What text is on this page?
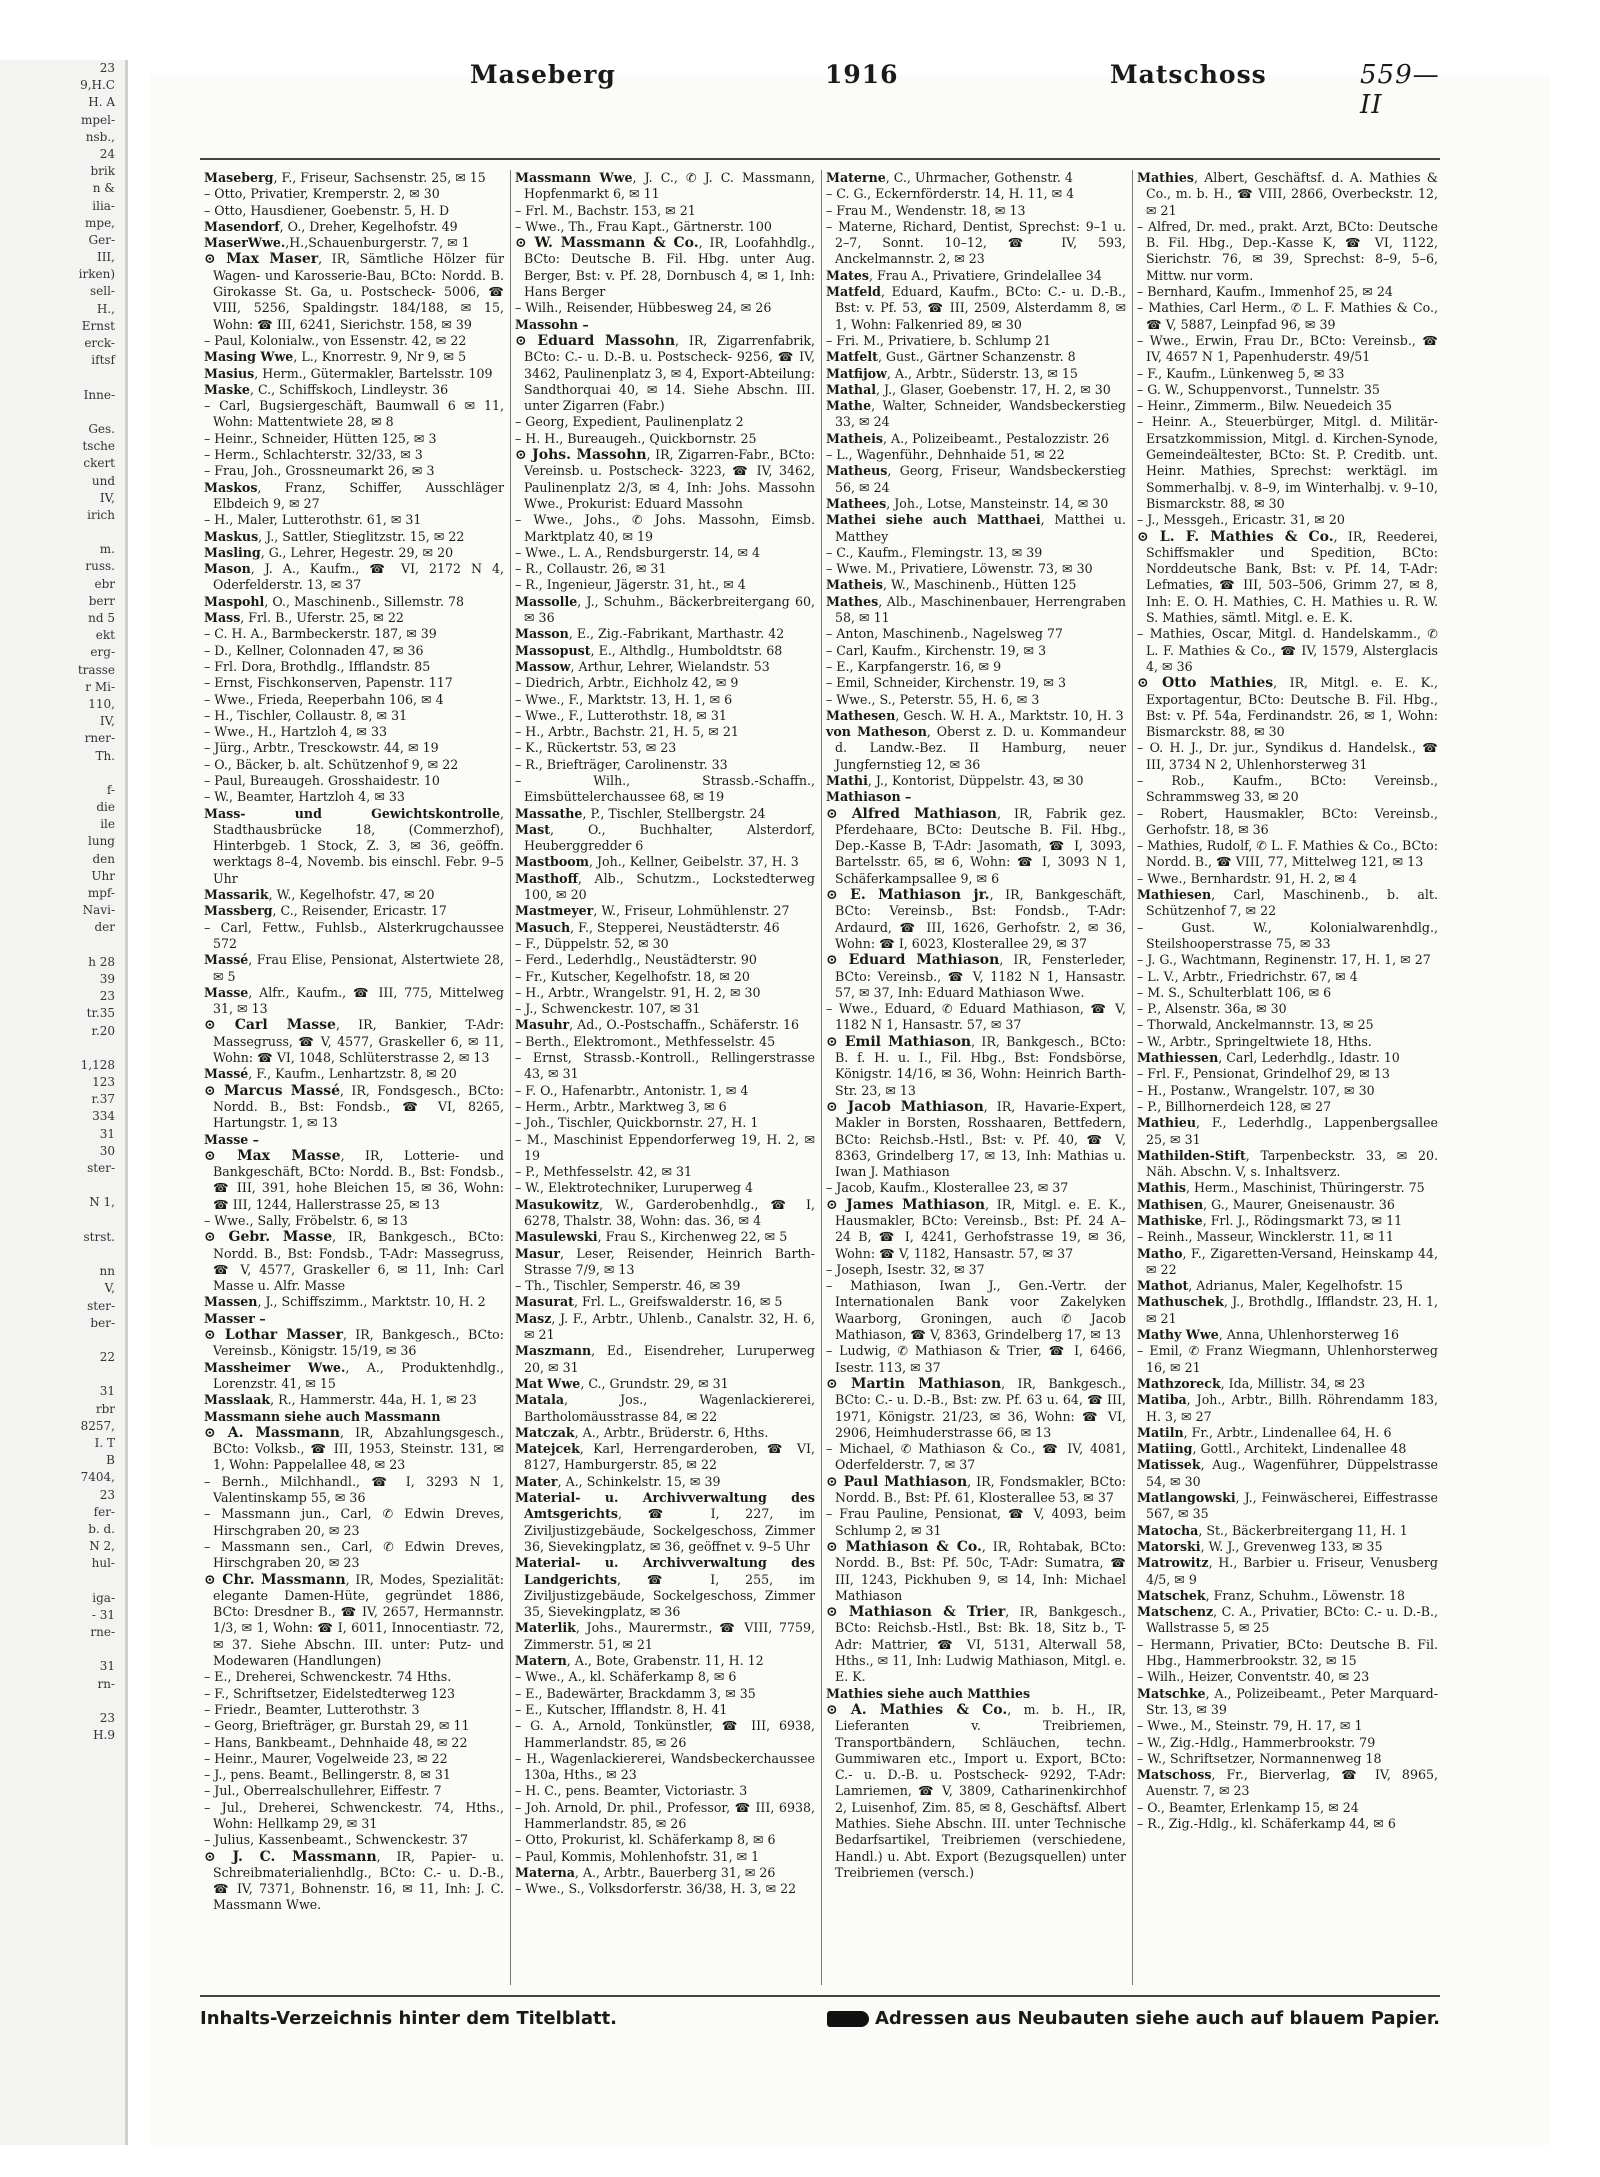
23
9,H.C
H. A
mpel-
nsb.,
24
brik
n &
ilia-
mpe,
Ger-
III,
irken)
sell-
H.,
Ernst
erck-
iftsf
Inne-
Ges.
tsche
ckert
und
IV,
irich
m.
russ.
ebr
berr
nd 5
ekt
erg-
trasse
r Mi-
110,
IV,
rner-
Th.
f-
die
ile
lung
den
Uhr
mpf-
Navi-
der
h 28
39
23
tr.35
r.20
1,128
123
r.37
334
31
30
ster-
N 1,
strst.
nn
V,
ster-
ber-
22
31
rbr
8257,
I. T
B
7404,
23
fer-
b. d.
N 2,
hul-
iga-
- 31
rne-
31
rn-
23
H.9
Maseberg	1916	Matschoss	559—II

Maseberg, F., Friseur, Sachsenstr. 25, ✉ 15

– Otto, Privatier, Kremperstr. 2, ✉ 30

– Otto, Hausdiener, Goebenstr. 5, H. D

Masendorf, O., Dreher, Kegelhofstr. 49

MaserWwe.,H.,Schauenburgerstr. 7, ✉ 1

⊙ Max Maser, IR, Sämtliche Hölzer für Wagen- und Karosserie-Bau, BCto: Nordd. B. Girokasse St. Ga, u. Postscheck- 5006, ☎ VIII, 5256, Spaldingstr. 184/188, ✉ 15, Wohn: ☎ III, 6241, Sierichstr. 158, ✉ 39

– Paul, Kolonialw., von Essenstr. 42, ✉ 22

Masing Wwe, L., Knorrestr. 9, Nr 9, ✉ 5

Masius, Herm., Gütermakler, Bartelsstr. 109

Maske, C., Schiffskoch, Lindleystr. 36

– Carl, Bugsiergeschäft, Baumwall 6 ✉ 11, Wohn: Mattentwiete 28, ✉ 8

– Heinr., Schneider, Hütten 125, ✉ 3

– Herm., Schlachterstr. 32/33, ✉ 3

– Frau, Joh., Grossneumarkt 26, ✉ 3

Maskos, Franz, Schiffer, Ausschläger Elbdeich 9, ✉ 27

– H., Maler, Lutterothstr. 61, ✉ 31

Maskus, J., Sattler, Stieglitzstr. 15, ✉ 22

Masling, G., Lehrer, Hegestr. 29, ✉ 20

Mason, J. A., Kaufm., ☎ VI, 2172 N 4, Oderfelderstr. 13, ✉ 37

Maspohl, O., Maschinenb., Sillemstr. 78

Mass, Frl. B., Uferstr. 25, ✉ 22

– C. H. A., Barmbeckerstr. 187, ✉ 39

– D., Kellner, Colonnaden 47, ✉ 36

– Frl. Dora, Brothdlg., Ifflandstr. 85

– Ernst, Fischkonserven, Papenstr. 117

– Wwe., Frieda, Reeperbahn 106, ✉ 4

– H., Tischler, Collaustr. 8, ✉ 31

– Wwe., H., Hartzloh 4, ✉ 33

– Jürg., Arbtr., Tresckowstr. 44, ✉ 19

– O., Bäcker, b. alt. Schützenhof 9, ✉ 22

– Paul, Bureaugeh. Grosshaidestr. 10

– W., Beamter, Hartzloh 4, ✉ 33

Mass- und Gewichtskontrolle, Stadthausbrücke 18, (Commerzhof), Hinterbgeb. 1 Stock, Z. 3, ✉ 36, geöffn. werktags 8–4, Novemb. bis einschl. Febr. 9–5 Uhr

Massarik, W., Kegelhofstr. 47, ✉ 20

Massberg, C., Reisender, Ericastr. 17

– Carl, Fettw., Fuhlsb., Alsterkrugchaussee 572

Massé, Frau Elise, Pensionat, Alstertwiete 28, ✉ 5

Masse, Alfr., Kaufm., ☎ III, 775, Mittelweg 31, ✉ 13

⊙ Carl Masse, IR, Bankier, T-Adr: Massegruss, ☎ V, 4577, Graskeller 6, ✉ 11, Wohn: ☎ VI, 1048, Schlüterstrasse 2, ✉ 13

Massé, F., Kaufm., Lenhartzstr. 8, ✉ 20

⊙ Marcus Massé, IR, Fondsgesch., BCto: Nordd. B., Bst: Fondsb., ☎ VI, 8265, Hartungstr. 1, ✉ 13

Masse –

⊙ Max Masse, IR, Lotterie- und Bankgeschäft, BCto: Nordd. B., Bst: Fondsb., ☎ III, 391, hohe Bleichen 15, ✉ 36, Wohn: ☎ III, 1244, Hallerstrasse 25, ✉ 13

– Wwe., Sally, Fröbelstr. 6, ✉ 13

⊙ Gebr. Masse, IR, Bankgesch., BCto: Nordd. B., Bst: Fondsb., T-Adr: Massegruss, ☎ V, 4577, Graskeller 6, ✉ 11, Inh: Carl Masse u. Alfr. Masse

Massen, J., Schiffszimm., Marktstr. 10, H. 2

Masser –

⊙ Lothar Masser, IR, Bankgesch., BCto: Vereinsb., Königstr. 15/19, ✉ 36

Massheimer Wwe., A., Produktenhdlg., Lorenzstr. 41, ✉ 15

Masslaak, R., Hammerstr. 44a, H. 1, ✉ 23

Massmann siehe auch Massmann

⊙ A. Massmann, IR, Abzahlungsgesch., BCto: Volksb., ☎ III, 1953, Steinstr. 131, ✉ 1, Wohn: Pappelallee 48, ✉ 23

– Bernh., Milchhandl., ☎ I, 3293 N 1, Valentinskamp 55, ✉ 36

– Massmann jun., Carl, ✆ Edwin Dreves, Hirschgraben 20, ✉ 23

– Massmann sen., Carl, ✆ Edwin Dreves, Hirschgraben 20, ✉ 23

⊙ Chr. Massmann, IR, Modes, Spezialität: elegante Damen-Hüte, gegründet 1886, BCto: Dresdner B., ☎ IV, 2657, Hermannstr. 1/3, ✉ 1, Wohn: ☎ I, 6011, Innocentiastr. 72, ✉ 37. Siehe Abschn. III. unter: Putz- und Modewaren (Handlungen)

– E., Dreherei, Schwenckestr. 74 Hths.

– F., Schriftsetzer, Eidelstedterweg 123

– Friedr., Beamter, Lutterothstr. 3

– Georg, Briefträger, gr. Burstah 29, ✉ 11

– Hans, Bankbeamt., Dehnhaide 48, ✉ 22

– Heinr., Maurer, Vogelweide 23, ✉ 22

– J., pens. Beamt., Bellingerstr. 8, ✉ 31

– Jul., Oberrealschullehrer, Eiffestr. 7

– Jul., Dreherei, Schwenckestr. 74, Hths., Wohn: Hellkamp 29, ✉ 31

– Julius, Kassenbeamt., Schwenckestr. 37

⊙ J. C. Massmann, IR, Papier- u. Schreibmaterialienhdlg., BCto: C.- u. D.-B., ☎ IV, 7371, Bohnenstr. 16, ✉ 11, Inh: J. C. Massmann Wwe.

Massmann Wwe, J. C., ✆ J. C. Massmann, Hopfenmarkt 6, ✉ 11

– Frl. M., Bachstr. 153, ✉ 21

– Wwe., Th., Frau Kapt., Gärtnerstr. 100

⊙ W. Massmann & Co., IR, Loofahhdlg., BCto: Deutsche B. Fil. Hbg. unter Aug. Berger, Bst: v. Pf. 28, Dornbusch 4, ✉ 1, Inh: Hans Berger

– Wilh., Reisender, Hübbesweg 24, ✉ 26

Massohn –

⊙ Eduard Massohn, IR, Zigarrenfabrik, BCto: C.- u. D.-B. u. Postscheck- 9256, ☎ IV, 3462, Paulinenplatz 3, ✉ 4, Export-Abteilung: Sandthorquai 40, ✉ 14. Siehe Abschn. III. unter Zigarren (Fabr.)

– Georg, Expedient, Paulinenplatz 2

– H. H., Bureaugeh., Quickbornstr. 25

⊙ Johs. Massohn, IR, Zigarren-Fabr., BCto: Vereinsb. u. Postscheck- 3223, ☎ IV, 3462, Paulinenplatz 2/3, ✉ 4, Inh: Johs. Massohn Wwe., Prokurist: Eduard Massohn

– Wwe., Johs., ✆ Johs. Massohn, Eimsb. Marktplatz 40, ✉ 19

– Wwe., L. A., Rendsburgerstr. 14, ✉ 4

– R., Collaustr. 26, ✉ 31

– R., Ingenieur, Jägerstr. 31, ht., ✉ 4

Massolle, J., Schuhm., Bäckerbreitergang 60, ✉ 36

Masson, E., Zig.-Fabrikant, Marthastr. 42

Massopust, E., Althdlg., Humboldtstr. 68

Massow, Arthur, Lehrer, Wielandstr. 53

– Diedrich, Arbtr., Eichholz 42, ✉ 9

– Wwe., F., Marktstr. 13, H. 1, ✉ 6

– Wwe., F., Lutterothstr. 18, ✉ 31

– H., Arbtr., Bachstr. 21, H. 5, ✉ 21

– K., Rückertstr. 53, ✉ 23

– R., Briefträger, Carolinenstr. 33

– Wilh., Strassb.-Schaffn., Eimsbüttelerchaussee 68, ✉ 19

Massathe, P., Tischler, Stellbergstr. 24

Mast, O., Buchhalter, Alsterdorf, Heuberggredder 6

Mastboom, Joh., Kellner, Geibelstr. 37, H. 3

Masthoff, Alb., Schutzm., Lockstedterweg 100, ✉ 20

Mastmeyer, W., Friseur, Lohmühlenstr. 27

Masuch, F., Stepperei, Neustädterstr. 46

– F., Düppelstr. 52, ✉ 30

– Ferd., Lederhdlg., Neustädterstr. 90

– Fr., Kutscher, Kegelhofstr. 18, ✉ 20

– H., Arbtr., Wrangelstr. 91, H. 2, ✉ 30

– J., Schwenckestr. 107, ✉ 31

Masuhr, Ad., O.-Postschaffn., Schäferstr. 16

– Berth., Elektromont., Methfesselstr. 45

– Ernst, Strassb.-Kontroll., Rellingerstrasse 43, ✉ 31

– F. O., Hafenarbtr., Antonistr. 1, ✉ 4

– Herm., Arbtr., Marktweg 3, ✉ 6

– Joh., Tischler, Quickbornstr. 27, H. 1

– M., Maschinist Eppendorferweg 19, H. 2, ✉ 19

– P., Methfesselstr. 42, ✉ 31

– W., Elektrotechniker, Luruperweg 4

Masukowitz, W., Garderobenhdlg., ☎ I, 6278, Thalstr. 38, Wohn: das. 36, ✉ 4

Masulewski, Frau S., Kirchenweg 22, ✉ 5

Masur, Leser, Reisender, Heinrich Barth-Strasse 7/9, ✉ 13

– Th., Tischler, Semperstr. 46, ✉ 39

Masurat, Frl. L., Greifswalderstr. 16, ✉ 5

Masz, J. F., Arbtr., Uhlenb., Canalstr. 32, H. 6, ✉ 21

Maszmann, Ed., Eisendreher, Luruperweg 20, ✉ 31

Mat Wwe, C., Grundstr. 29, ✉ 31

Matala, Jos., Wagenlackiererei, Bartholomäusstrasse 84, ✉ 22

Matczak, A., Arbtr., Brüderstr. 6, Hths.

Matejcek, Karl, Herrengarderoben, ☎ VI, 8127, Hamburgerstr. 85, ✉ 22

Mater, A., Schinkelstr. 15, ✉ 39

Material- u. Archivverwaltung des Amtsgerichts, ☎ I, 227, im Ziviljustizgebäude, Sockelgeschoss, Zimmer 36, Sievekingplatz, ✉ 36, geöffnet v. 9–5 Uhr

Material- u. Archivverwaltung des Landgerichts, ☎ I, 255, im Ziviljustizgebäude, Sockelgeschoss, Zimmer 35, Sievekingplatz, ✉ 36

Materlik, Johs., Maurermstr., ☎ VIII, 7759, Zimmerstr. 51, ✉ 21

Matern, A., Bote, Grabenstr. 11, H. 12

– Wwe., A., kl. Schäferkamp 8, ✉ 6

– E., Badewärter, Brackdamm 3, ✉ 35

– E., Kutscher, Ifflandstr. 8, H. 41

– G. A., Arnold, Tonkünstler, ☎ III, 6938, Hammerlandstr. 85, ✉ 26

– H., Wagenlackiererei, Wandsbeckerchaussee 130a, Hths., ✉ 23

– H. C., pens. Beamter, Victoriastr. 3

– Joh. Arnold, Dr. phil., Professor, ☎ III, 6938, Hammerlandstr. 85, ✉ 26

– Otto, Prokurist, kl. Schäferkamp 8, ✉ 6

– Paul, Kommis, Mohlenhofstr. 31, ✉ 1

Materna, A., Arbtr., Bauerberg 31, ✉ 26

– Wwe., S., Volksdorferstr. 36/38, H. 3, ✉ 22

Materne, C., Uhrmacher, Gothenstr. 4

– C. G., Eckernförderstr. 14, H. 11, ✉ 4

– Frau M., Wendenstr. 18, ✉ 13

– Materne, Richard, Dentist, Sprechst: 9–1 u. 2–7, Sonnt. 10–12, ☎ IV, 593, Anckelmannstr. 2, ✉ 23

Mates, Frau A., Privatiere, Grindelallee 34

Matfeld, Eduard, Kaufm., BCto: C.- u. D.-B., Bst: v. Pf. 53, ☎ III, 2509, Alsterdamm 8, ✉ 1, Wohn: Falkenried 89, ✉ 30

– Fri. M., Privatiere, b. Schlump 21

Matfelt, Gust., Gärtner Schanzenstr. 8

Matfijow, A., Arbtr., Süderstr. 13, ✉ 15

Mathal, J., Glaser, Goebenstr. 17, H. 2, ✉ 30

Mathe, Walter, Schneider, Wandsbeckerstieg 33, ✉ 24

Matheis, A., Polizeibeamt., Pestalozzistr. 26

– L., Wagenführ., Dehnhaide 51, ✉ 22

Matheus, Georg, Friseur, Wandsbeckerstieg 56, ✉ 24

Mathees, Joh., Lotse, Mansteinstr. 14, ✉ 30

Mathei siehe auch Matthaei, Matthei u. Matthey

– C., Kaufm., Flemingstr. 13, ✉ 39

– Wwe. M., Privatiere, Löwenstr. 73, ✉ 30

Matheis, W., Maschinenb., Hütten 125

Mathes, Alb., Maschinenbauer, Herrengraben 58, ✉ 11

– Anton, Maschinenb., Nagelsweg 77

– Carl, Kaufm., Kirchenstr. 19, ✉ 3

– E., Karpfangerstr. 16, ✉ 9

– Emil, Schneider, Kirchenstr. 19, ✉ 3

– Wwe., S., Peterstr. 55, H. 6, ✉ 3

Mathesen, Gesch. W. H. A., Marktstr. 10, H. 3

von Matheson, Oberst z. D. u. Kommandeur d. Landw.-Bez. II Hamburg, neuer Jungfernstieg 12, ✉ 36

Mathi, J., Kontorist, Düppelstr. 43, ✉ 30

Mathiason –

⊙ Alfred Mathiason, IR, Fabrik gez. Pferdehaare, BCto: Deutsche B. Fil. Hbg., Dep.-Kasse B, T-Adr: Jasomath, ☎ I, 3093, Bartelsstr. 65, ✉ 6, Wohn: ☎ I, 3093 N 1, Schäferkampsallee 9, ✉ 6

⊙ E. Mathiason jr., IR, Bankgeschäft, BCto: Vereinsb., Bst: Fondsb., T-Adr: Ardaurd, ☎ III, 1626, Gerhofstr. 2, ✉ 36, Wohn: ☎ I, 6023, Klosterallee 29, ✉ 37

⊙ Eduard Mathiason, IR, Fensterleder, BCto: Vereinsb., ☎ V, 1182 N 1, Hansastr. 57, ✉ 37, Inh: Eduard Mathiason Wwe.

– Wwe., Eduard, ✆ Eduard Mathiason, ☎ V, 1182 N 1, Hansastr. 57, ✉ 37

⊙ Emil Mathiason, IR, Bankgesch., BCto: B. f. H. u. I., Fil. Hbg., Bst: Fondsbörse, Königstr. 14/16, ✉ 36, Wohn: Heinrich Barth-Str. 23, ✉ 13

⊙ Jacob Mathiason, IR, Havarie-Expert, Makler in Borsten, Rosshaaren, Bettfedern, BCto: Reichsb.-Hstl., Bst: v. Pf. 40, ☎ V, 8363, Grindelberg 17, ✉ 13, Inh: Mathias u. Iwan J. Mathiason

– Jacob, Kaufm., Klosterallee 23, ✉ 37

⊙ James Mathiason, IR, Mitgl. e. E. K., Hausmakler, BCto: Vereinsb., Bst: Pf. 24 A–24 B, ☎ I, 4241, Gerhofstrasse 19, ✉ 36, Wohn: ☎ V, 1182, Hansastr. 57, ✉ 37

– Joseph, Isestr. 32, ✉ 37

– Mathiason, Iwan J., Gen.-Vertr. der Internationalen Bank voor Zakelyken Waarborg, Groningen, auch ✆ Jacob Mathiason, ☎ V, 8363, Grindelberg 17, ✉ 13

– Ludwig, ✆ Mathiason & Trier, ☎ I, 6466, Isestr. 113, ✉ 37

⊙ Martin Mathiason, IR, Bankgesch., BCto: C.- u. D.-B., Bst: zw. Pf. 63 u. 64, ☎ III, 1971, Königstr. 21/23, ✉ 36, Wohn: ☎ VI, 2906, Heimhuderstrasse 66, ✉ 13

– Michael, ✆ Mathiason & Co., ☎ IV, 4081, Oderfelderstr. 7, ✉ 37

⊙ Paul Mathiason, IR, Fondsmakler, BCto: Nordd. B., Bst: Pf. 61, Klosterallee 53, ✉ 37

– Frau Pauline, Pensionat, ☎ V, 4093, beim Schlump 2, ✉ 31

⊙ Mathiason & Co., IR, Rohtabak, BCto: Nordd. B., Bst: Pf. 50c, T-Adr: Sumatra, ☎ III, 1243, Pickhuben 9, ✉ 14, Inh: Michael Mathiason

⊙ Mathiason & Trier, IR, Bankgesch., BCto: Reichsb.-Hstl., Bst: Bk. 18, Sitz b., T-Adr: Mattrier, ☎ VI, 5131, Alterwall 58, Hths., ✉ 11, Inh: Ludwig Mathiason, Mitgl. e. E. K.

Mathies siehe auch Matthies

⊙ A. Mathies & Co., m. b. H., IR, Lieferanten v. Treibriemen, Transportbändern, Schläuchen, techn. Gummiwaren etc., Import u. Export, BCto: C.- u. D.-B. u. Postscheck- 9292, T-Adr: Lamriemen, ☎ V, 3809, Catharinenkirchhof 2, Luisenhof, Zim. 85, ✉ 8, Geschäftsf. Albert Mathies. Siehe Abschn. III. unter Technische Bedarfsartikel, Treibriemen (verschiedene, Handl.) u. Abt. Export (Bezugsquellen) unter Treibriemen (versch.)

Mathies, Albert, Geschäftsf. d. A. Mathies & Co., m. b. H., ☎ VIII, 2866, Overbeckstr. 12, ✉ 21

– Alfred, Dr. med., prakt. Arzt, BCto: Deutsche B. Fil. Hbg., Dep.-Kasse K, ☎ VI, 1122, Sierichstr. 76, ✉ 39, Sprechst: 8–9, 5–6, Mittw. nur vorm.

– Bernhard, Kaufm., Immenhof 25, ✉ 24

– Mathies, Carl Herm., ✆ L. F. Mathies & Co., ☎ V, 5887, Leinpfad 96, ✉ 39

– Wwe., Erwin, Frau Dr., BCto: Vereinsb., ☎ IV, 4657 N 1, Papenhuderstr. 49/51

– F., Kaufm., Lünkenweg 5, ✉ 33

– G. W., Schuppenvorst., Tunnelstr. 35

– Heinr., Zimmerm., Bilw. Neuedeich 35

– Heinr. A., Steuerbürger, Mitgl. d. Militär-Ersatzkommission, Mitgl. d. Kirchen-Synode, Gemeindeältester, BCto: St. P. Creditb. unt. Heinr. Mathies, Sprechst: werktägl. im Sommerhalbj. v. 8–9, im Winterhalbj. v. 9–10, Bismarckstr. 88, ✉ 30

– J., Messgeh., Ericastr. 31, ✉ 20

⊙ L. F. Mathies & Co., IR, Reederei, Schiffsmakler und Spedition, BCto: Norddeutsche Bank, Bst: v. Pf. 14, T-Adr: Lefmaties, ☎ III, 503–506, Grimm 27, ✉ 8, Inh: E. O. H. Mathies, C. H. Mathies u. R. W. S. Mathies, sämtl. Mitgl. e. E. K.

– Mathies, Oscar, Mitgl. d. Handelskamm., ✆ L. F. Mathies & Co., ☎ IV, 1579, Alsterglacis 4, ✉ 36

⊙ Otto Mathies, IR, Mitgl. e. E. K., Exportagentur, BCto: Deutsche B. Fil. Hbg., Bst: v. Pf. 54a, Ferdinandstr. 26, ✉ 1, Wohn: Bismarckstr. 88, ✉ 30

– O. H. J., Dr. jur., Syndikus d. Handelsk., ☎ III, 3734 N 2, Uhlenhorsterweg 31

– Rob., Kaufm., BCto: Vereinsb., Schrammsweg 33, ✉ 20

– Robert, Hausmakler, BCto: Vereinsb., Gerhofstr. 18, ✉ 36

– Mathies, Rudolf, ✆ L. F. Mathies & Co., BCto: Nordd. B., ☎ VIII, 77, Mittelweg 121, ✉ 13

– Wwe., Bernhardstr. 91, H. 2, ✉ 4

Mathiesen, Carl, Maschinenb., b. alt. Schützenhof 7, ✉ 22

– Gust. W., Kolonialwarenhdlg., Steilshooperstrasse 75, ✉ 33

– J. G., Wachtmann, Reginenstr. 17, H. 1, ✉ 27

– L. V., Arbtr., Friedrichstr. 67, ✉ 4

– M. S., Schulterblatt 106, ✉ 6

– P., Alsenstr. 36a, ✉ 30

– Thorwald, Anckelmannstr. 13, ✉ 25

– W., Arbtr., Springeltwiete 18, Hths.

Mathiessen, Carl, Lederhdlg., Idastr. 10

– Frl. F., Pensionat, Grindelhof 29, ✉ 13

– H., Postanw., Wrangelstr. 107, ✉ 30

– P., Billhornerdeich 128, ✉ 27

Mathieu, F., Lederhdlg., Lappenbergsallee 25, ✉ 31

Mathilden-Stift, Tarpenbeckstr. 33, ✉ 20. Näh. Abschn. V, s. Inhaltsverz.

Mathis, Herm., Maschinist, Thüringerstr. 75

Mathisen, G., Maurer, Gneisenaustr. 36

Mathiske, Frl. J., Rödingsmarkt 73, ✉ 11

– Reinh., Masseur, Wincklerstr. 11, ✉ 11

Matho, F., Zigaretten-Versand, Heinskamp 44, ✉ 22

Mathot, Adrianus, Maler, Kegelhofstr. 15

Mathuschek, J., Brothdlg., Ifflandstr. 23, H. 1, ✉ 21

Mathy Wwe, Anna, Uhlenhorsterweg 16

– Emil, ✆ Franz Wiegmann, Uhlenhorsterweg 16, ✉ 21

Mathzoreck, Ida, Millistr. 34, ✉ 23

Matiba, Joh., Arbtr., Billh. Röhrendamm 183, H. 3, ✉ 27

Matiln, Fr., Arbtr., Lindenallee 64, H. 6

Matiing, Gottl., Architekt, Lindenallee 48

Matissek, Aug., Wagenführer, Düppelstrasse 54, ✉ 30

Matlangowski, J., Feinwäscherei, Eiffestrasse 567, ✉ 35

Matocha, St., Bäckerbreitergang 11, H. 1

Matorski, W. J., Grevenweg 133, ✉ 35

Matrowitz, H., Barbier u. Friseur, Venusberg 4/5, ✉ 9

Matschek, Franz, Schuhm., Löwenstr. 18

Matschenz, C. A., Privatier, BCto: C.- u. D.-B., Wallstrasse 5, ✉ 25

– Hermann, Privatier, BCto: Deutsche B. Fil. Hbg., Hammerbrookstr. 32, ✉ 15

– Wilh., Heizer, Conventstr. 40, ✉ 23

Matschke, A., Polizeibeamt., Peter Marquard-Str. 13, ✉ 39

– Wwe., M., Steinstr. 79, H. 17, ✉ 1

– W., Zig.-Hdlg., Hammerbrookstr. 79

– W., Schriftsetzer, Normannenweg 18

Matschoss, Fr., Bierverlag, ☎ IV, 8965, Auenstr. 7, ✉ 23

– O., Beamter, Erlenkamp 15, ✉ 24

– R., Zig.-Hdlg., kl. Schäferkamp 44, ✉ 6

Inhalts-Verzeichnis hinter dem Titelblatt.	Adressen aus Neubauten siehe auch auf blauem Papier.
